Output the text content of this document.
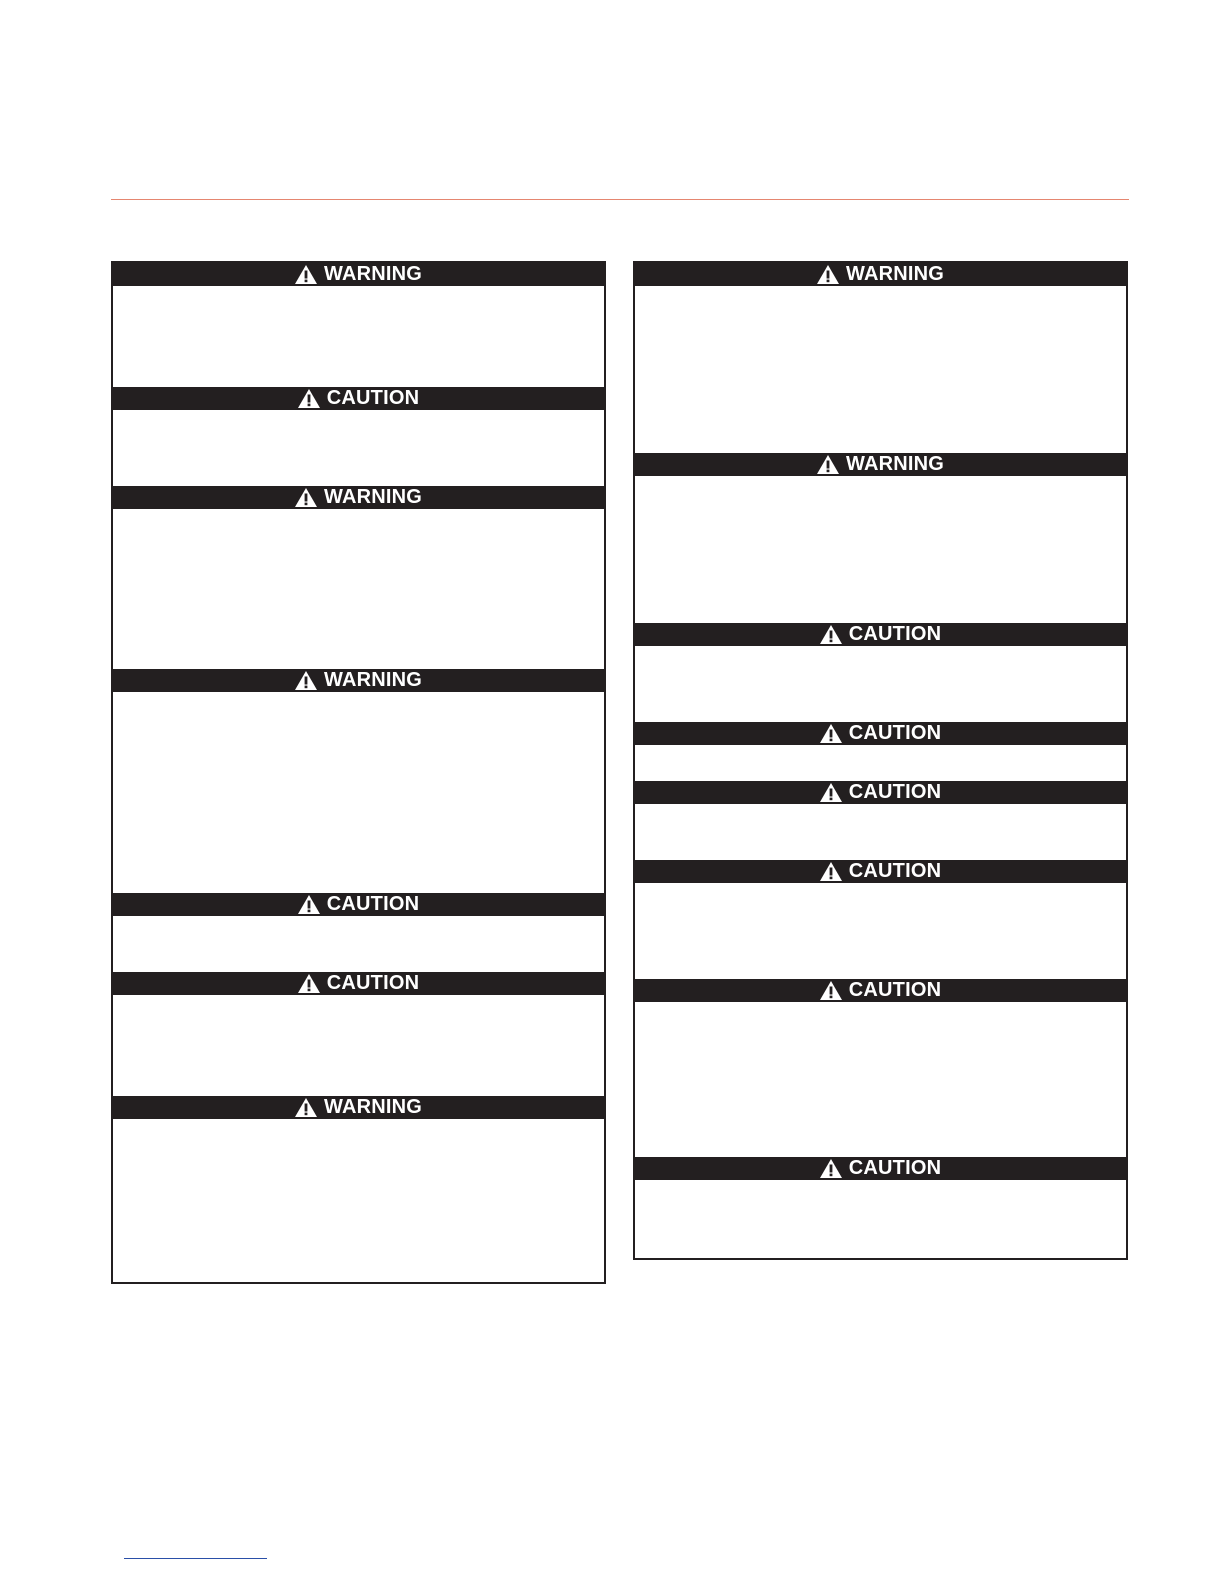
WARNING
CAUTION
WARNING
WARNING
CAUTION
CAUTION
WARNING
WARNING
WARNING
CAUTION
CAUTION
CAUTION
CAUTION
CAUTION
CAUTION
